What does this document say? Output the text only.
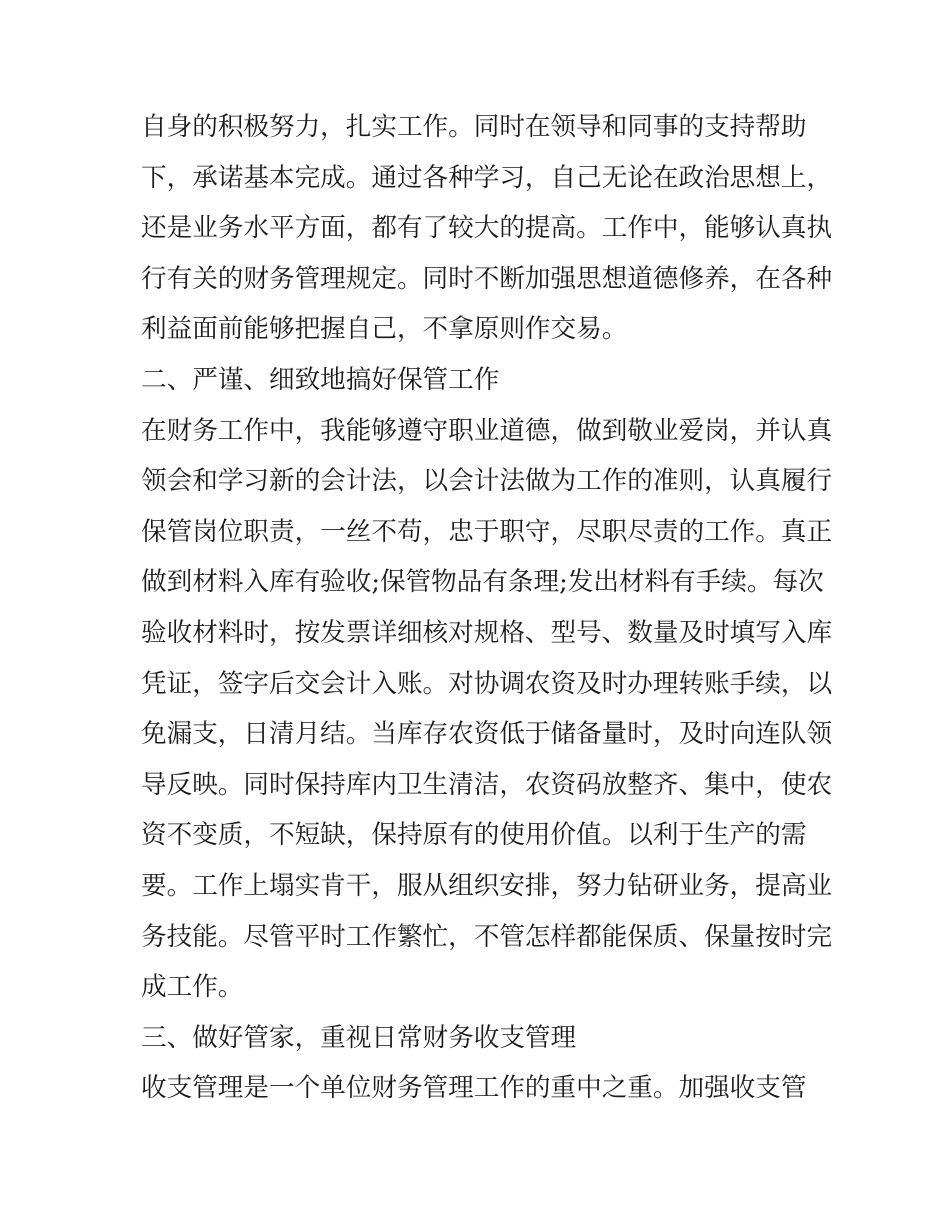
自身的积极努力，扎实工作。同时在领导和同事的支持帮助
下，承诺基本完成。通过各种学习，自己无论在政治思想上，
还是业务水平方面，都有了较大的提高。工作中，能够认真执
行有关的财务管理规定。同时不断加强思想道德修养，在各种
利益面前能够把握自己，不拿原则作交易。
二、严谨、细致地搞好保管工作
在财务工作中，我能够遵守职业道德，做到敬业爱岗，并认真
领会和学习新的会计法，以会计法做为工作的准则，认真履行
保管岗位职责，一丝不苟，忠于职守，尽职尽责的工作。真正
做到材料入库有验收;保管物品有条理;发出材料有手续。每次
验收材料时，按发票详细核对规格、型号、数量及时填写入库
凭证，签字后交会计入账。对协调农资及时办理转账手续，以
免漏支，日清月结。当库存农资低于储备量时，及时向连队领
导反映。同时保持库内卫生清洁，农资码放整齐、集中，使农
资不变质，不短缺，保持原有的使用价值。以利于生产的需
要。工作上塌实肯干，服从组织安排，努力钻研业务，提高业
务技能。尽管平时工作繁忙，不管怎样都能保质、保量按时完
成工作。
三、做好管家，重视日常财务收支管理
收支管理是一个单位财务管理工作的重中之重。加强收支管
